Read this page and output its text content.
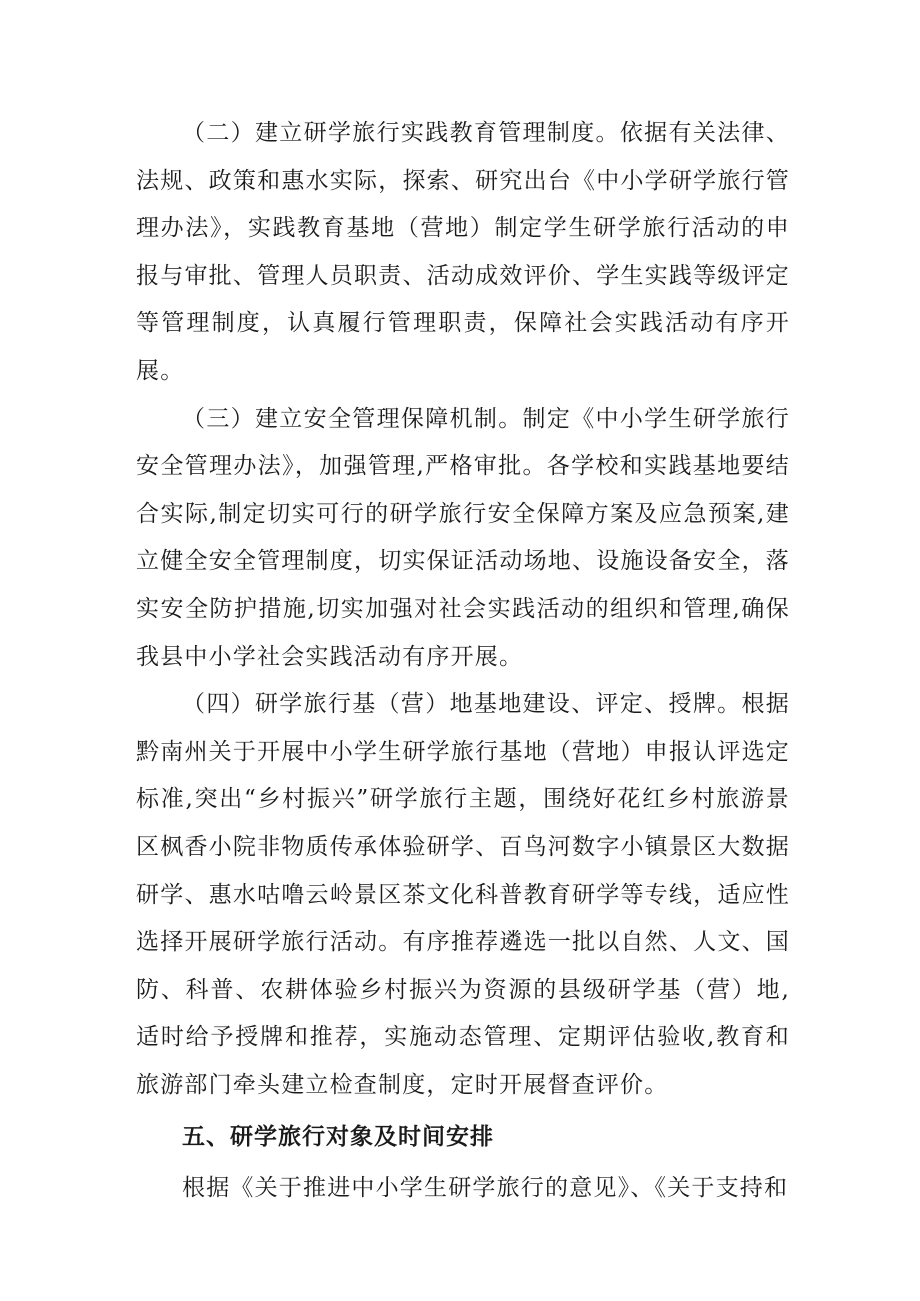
（二）建立研学旅行实践教育管理制度。依据有关法律、法规、政策和惠水实际，探索、研究出台《中小学研学旅行管理办法》，实践教育基地（营地）制定学生研学旅行活动的申报与审批、管理人员职责、活动成效评价、学生实践等级评定等管理制度，认真履行管理职责，保障社会实践活动有序开展。

（三）建立安全管理保障机制。制定《中小学生研学旅行安全管理办法》，加强管理,严格审批。各学校和实践基地要结合实际,制定切实可行的研学旅行安全保障方案及应急预案,建立健全安全管理制度，切实保证活动场地、设施设备安全，落实安全防护措施,切实加强对社会实践活动的组织和管理,确保我县中小学社会实践活动有序开展。

（四）研学旅行基（营）地基地建设、评定、授牌。根据黔南州关于开展中小学生研学旅行基地（营地）申报认评选定标准,突出“乡村振兴”研学旅行主题，围绕好花红乡村旅游景区枫香小院非物质传承体验研学、百鸟河数字小镇景区大数据研学、惠水咕噜云岭景区茶文化科普教育研学等专线，适应性选择开展研学旅行活动。有序推荐遴选一批以自然、人文、国防、科普、农耕体验乡村振兴为资源的县级研学基（营）地,适时给予授牌和推荐，实施动态管理、定期评估验收,教育和旅游部门牵头建立检查制度，定时开展督查评价。

五、研学旅行对象及时间安排

根据《关于推进中小学生研学旅行的意见》、《关于支持和
